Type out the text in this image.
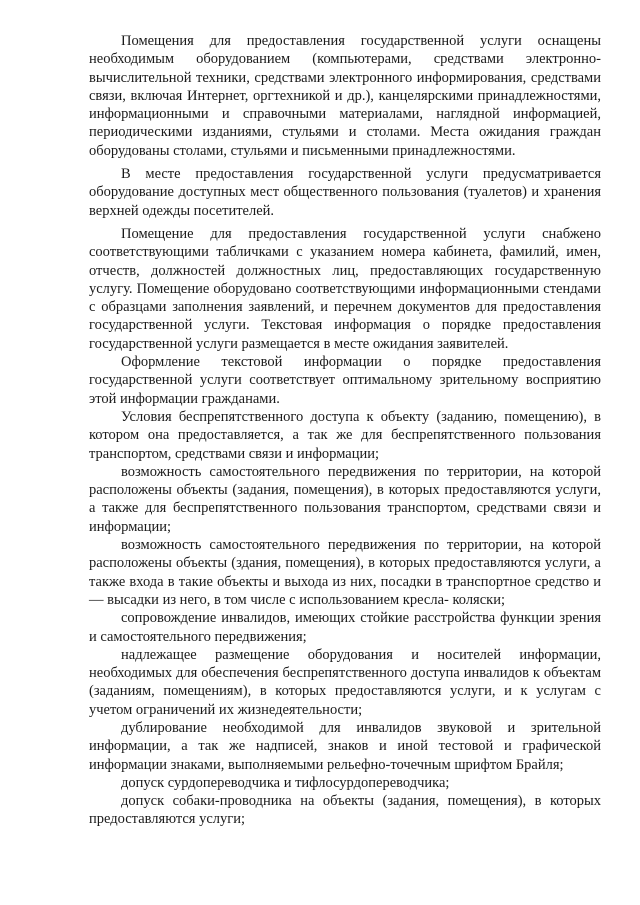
Помещения для предоставления государственной услуги оснащены необходимым оборудованием (компьютерами, средствами электронно-вычислительной техники, средствами электронного информирования, средствами связи, включая Интернет, оргтехникой и др.), канцелярскими принадлежностями, информационными и справочными материалами, наглядной информацией, периодическими изданиями, стульями и столами. Места ожидания граждан оборудованы столами, стульями и письменными принадлежностями.

В месте предоставления государственной услуги предусматривается оборудование доступных мест общественного пользования (туалетов) и хранения верхней одежды посетителей.

Помещение для предоставления государственной услуги снабжено соответствующими табличками с указанием номера кабинета, фамилий, имен, отчеств, должностей должностных лиц, предоставляющих государственную услугу. Помещение оборудовано соответствующими информационными стендами с образцами заполнения заявлений, и перечнем документов для предоставления государственной услуги. Текстовая информация о порядке предоставления государственной услуги размещается в месте ожидания заявителей.

Оформление текстовой информации о порядке предоставления государственной услуги соответствует оптимальному зрительному восприятию этой информации гражданами.

Условия беспрепятственного доступа к объекту (заданию, помещению), в котором она предоставляется, а так же для беспрепятственного пользования транспортом, средствами связи и информации;

возможность самостоятельного передвижения по территории, на которой расположены объекты (задания, помещения), в которых предоставляются услуги, а также для беспрепятственного пользования транспортом, средствами связи и информации;

возможность самостоятельного передвижения по территории, на которой расположены объекты (здания, помещения), в которых предоставляются услуги, а также входа в такие объекты и выхода из них, посадки в транспортное средство и — высадки из него, в том числе с использованием кресла- коляски;

сопровождение инвалидов, имеющих стойкие расстройства функции зрения и самостоятельного передвижения;

надлежащее размещение оборудования и носителей информации, необходимых для обеспечения беспрепятственного доступа инвалидов к объектам (заданиям, помещениям), в которых предоставляются услуги, и к услугам с учетом ограничений их жизнедеятельности;

дублирование необходимой для инвалидов звуковой и зрительной информации, а так же надписей, знаков и иной тестовой и графической информации знаками, выполняемыми рельефно-точечным шрифтом Брайля;

допуск сурдопереводчика и тифлосурдопереводчика;

допуск собаки-проводника на объекты (задания, помещения), в которых предоставляются услуги;
